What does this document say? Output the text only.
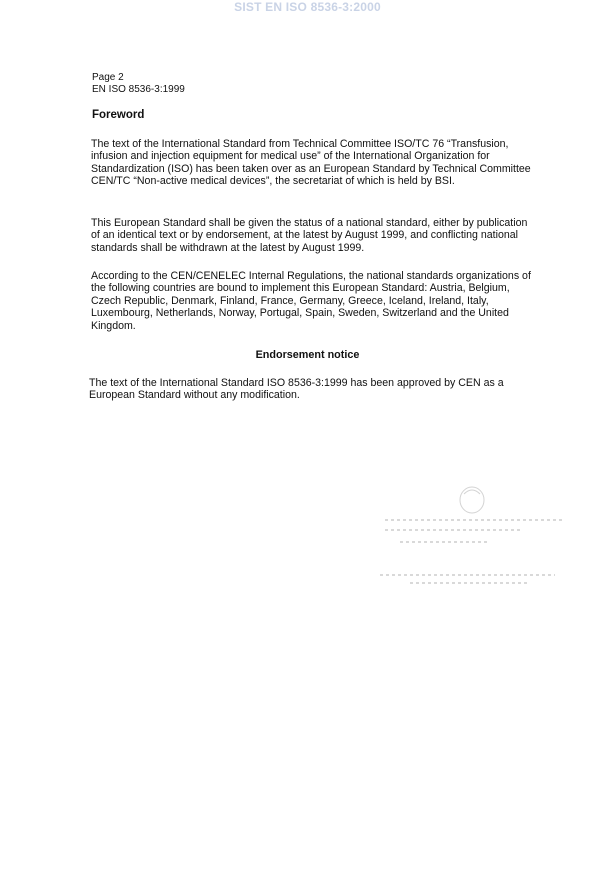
SIST EN ISO 8536-3:2000
Page 2
EN ISO 8536-3:1999
Foreword
The text of the International Standard from Technical Committee ISO/TC 76 “Transfusion, infusion and injection equipment for medical use” of the International Organization for Standardization (ISO) has been taken over as an European Standard by Technical Committee CEN/TC “Non-active medical devices”, the secretariat of which is held by BSI.
This European Standard shall be given the status of a national standard, either by publication of an identical text or by endorsement, at the latest by August 1999, and conflicting national standards shall be withdrawn at the latest by August 1999.
According to the CEN/CENELEC Internal Regulations, the national standards organizations of the following countries are bound to implement this European Standard: Austria, Belgium, Czech Republic, Denmark, Finland, France, Germany, Greece, Iceland, Ireland, Italy, Luxembourg, Netherlands, Norway, Portugal, Spain, Sweden, Switzerland and the United Kingdom.
Endorsement notice
The text of the International Standard ISO 8536-3:1999 has been approved by CEN as a European Standard without any modification.
